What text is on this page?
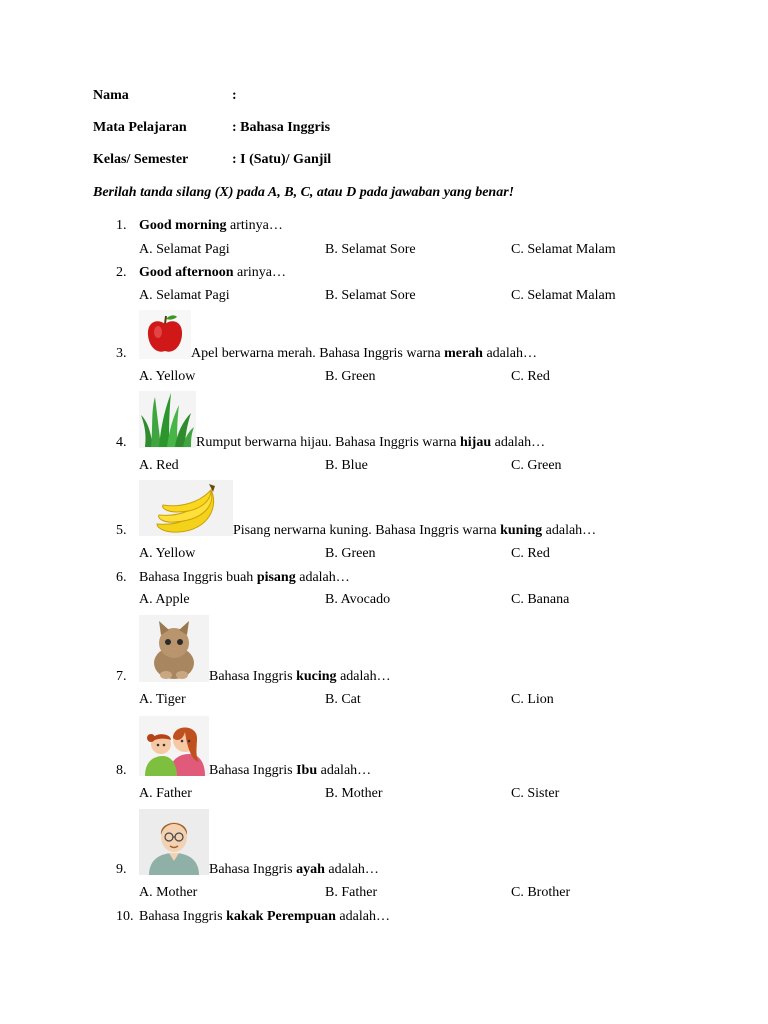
Nama	:
Mata Pelajaran	: Bahasa Inggris
Kelas/ Semester	: I (Satu)/ Ganjil
Berilah tanda silang (X) pada A, B, C, atau D pada jawaban yang benar!
1. Good morning artinya…
A. Selamat Pagi	B. Selamat Sore	C. Selamat Malam
2. Good afternoon arinya…
A. Selamat Pagi	B. Selamat Sore	C. Selamat Malam
3.	Apel berwarna merah. Bahasa Inggris warna merah adalah…
A. Yellow	B. Green	C. Red
4.	Rumput berwarna hijau. Bahasa Inggris warna hijau adalah…
A. Red	B. Blue	C. Green
5.	Pisang nerwarna kuning. Bahasa Inggris warna kuning adalah…
A. Yellow	B. Green	C. Red
6. Bahasa Inggris buah pisang adalah…
A. Apple	B. Avocado	C. Banana
7.	Bahasa Inggris kucing adalah…
A. Tiger	B. Cat	C. Lion
8.	Bahasa Inggris Ibu adalah…
A. Father	B. Mother	C. Sister
9.	Bahasa Inggris ayah adalah…
A. Mother	B. Father	C. Brother
10. Bahasa Inggris kakak Perempuan adalah…
